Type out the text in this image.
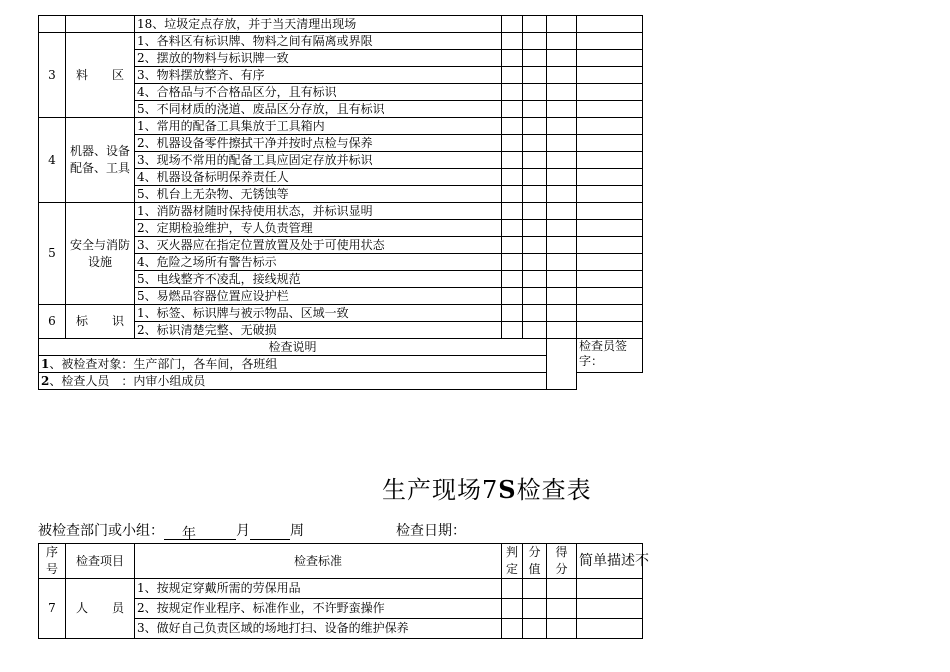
		18、垃圾定点存放，并于当天清理出现场				
3	料　　区	1、各料区有标识牌、物料之间有隔离或界限				
		2、摆放的物料与标识牌一致				
		3、物料摆放整齐、有序				
		4、合格品与不合格品区分，且有标识				
		5、不同材质的浇道、废品区分存放，且有标识				
4	机器、设备配备、工具	1、常用的配备工具集放于工具箱内				
		2、机器设备零件擦拭干净并按时点检与保养				
		3、现场不常用的配备工具应固定存放并标识				
		4、机器设备标明保养责任人				
		5、机台上无杂物、无锈蚀等				
5	安全与消防设施	1、消防器材随时保持使用状态，并标识显明				
		2、定期检验维护，专人负责管理				
		3、灭火器应在指定位置放置及处于可使用状态				
		4、危险之场所有警告标示				
		5、电线整齐不凌乱，接线规范				
		5、易燃品容器位置应设护栏				
6	标　　识	1、标签、标识牌与被示物品、区域一致				
		2、标识清楚完整、无破损				
检查说明						检查员签字：
1、被检查对象：生产部门，各车间，各班组						
2、检查人员　：内审小组成员						
生产现场7S检查表
被检查部门或小组： 年	月	周	检查日期：
序号	检查项目	检查标准	判定	分值	得分	简单描述不
7	人　　员	1、按规定穿戴所需的劳保用品				
		2、按规定作业程序、标准作业，不许野蛮操作				
		3、做好自己负责区域的场地打扫、设备的维护保养				
